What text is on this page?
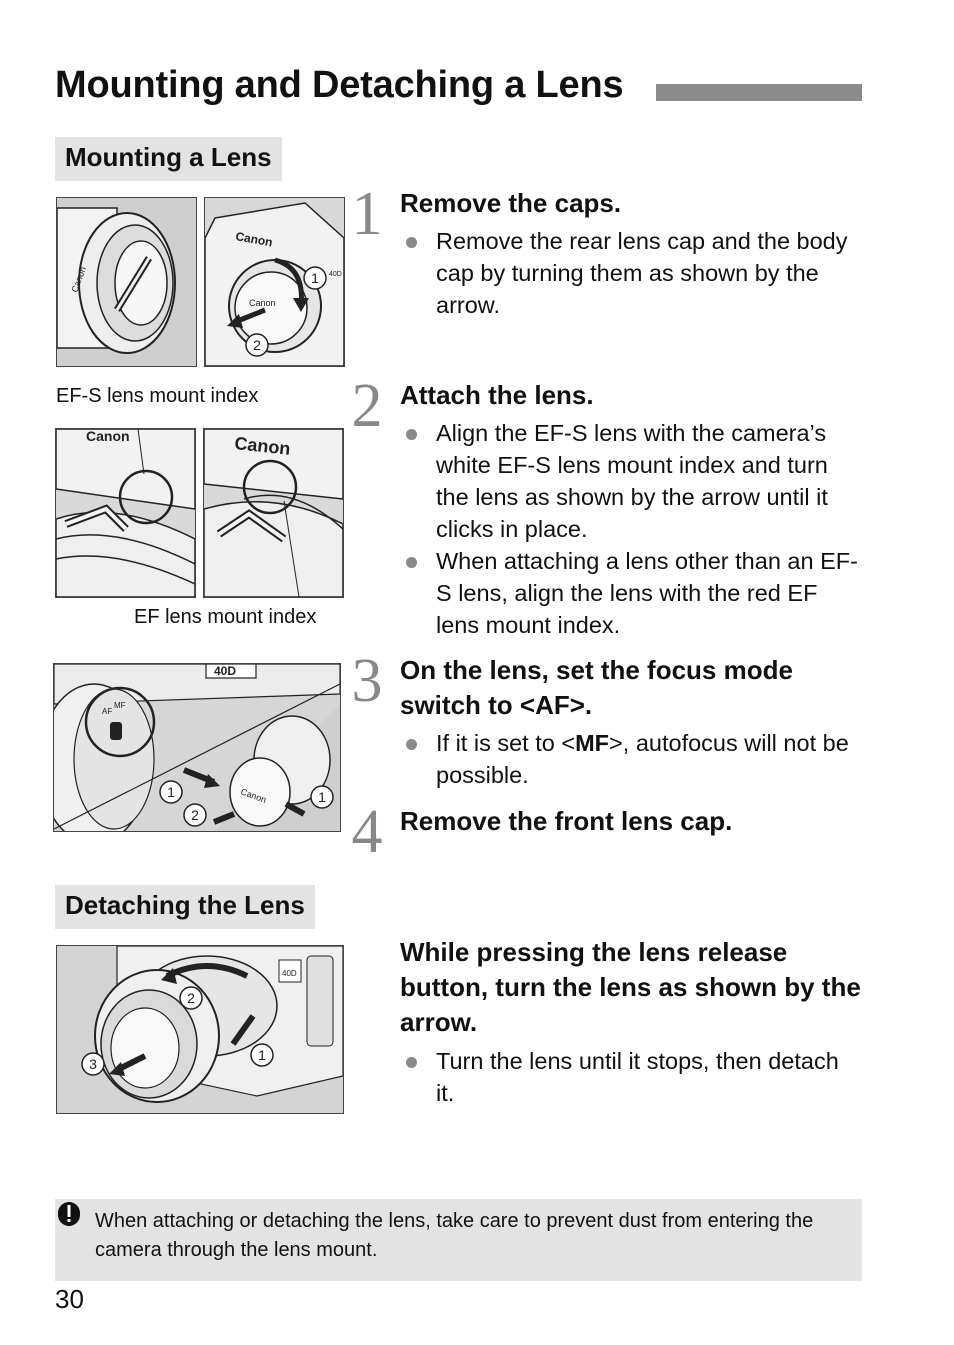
Mounting and Detaching a Lens
Mounting a Lens
Canon
Canon
Canon
40D
1
2
1 Remove the caps.
Remove the rear lens cap and the body cap by turning them as shown by the arrow.
EF-S lens mount index
Canon	Canon
EF lens mount index
2 Attach the lens.
Align the EF-S lens with the camera’s white EF-S lens mount index and turn the lens as shown by the arrow until it clicks in place.
When attaching a lens other than an EF-S lens, align the lens with the red EF lens mount index.
40D
AF
MF
Canon
1
2
1
3 On the lens, set the focus mode switch to <AF>.
If it is set to <MF>, autofocus will not be possible.
4 Remove the front lens cap.
Detaching the Lens
40D
2
3
1
While pressing the lens release button, turn the lens as shown by the arrow.
Turn the lens until it stops, then detach it.
When attaching or detaching the lens, take care to prevent dust from entering the camera through the lens mount.
30
